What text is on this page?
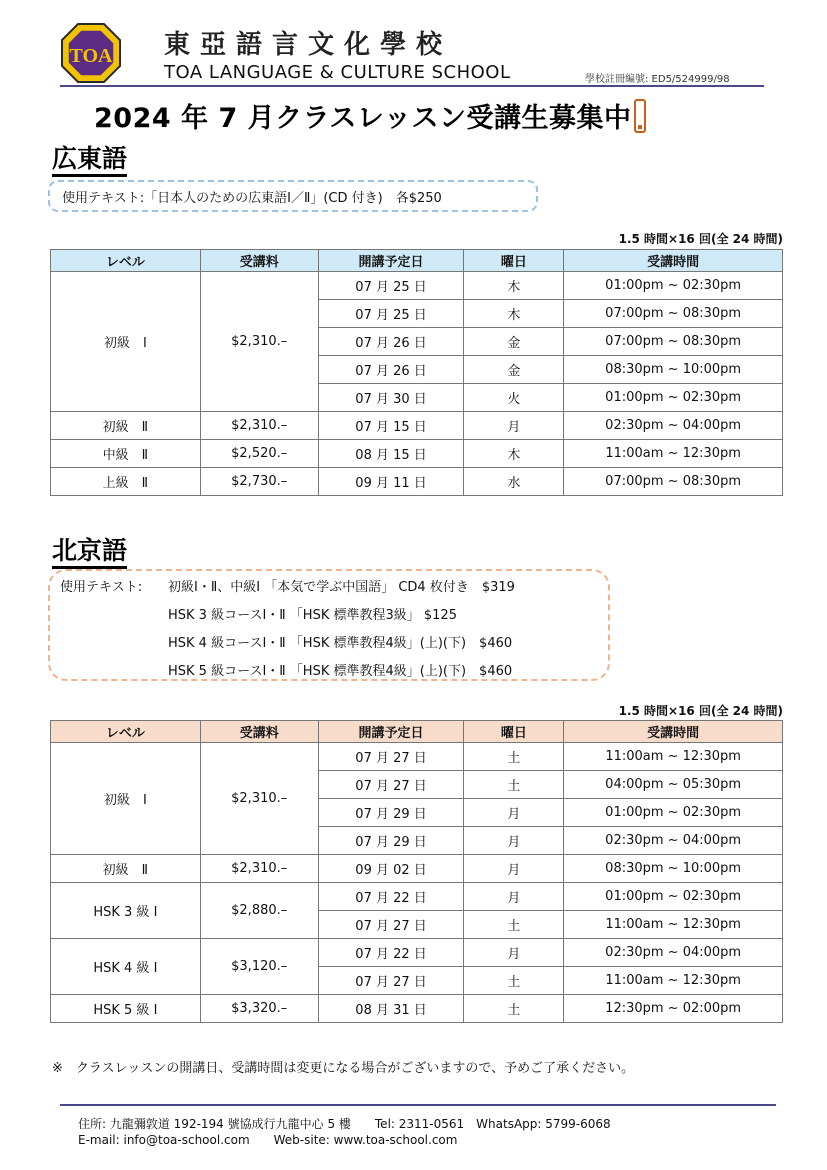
TOA 東亞語言文化學校
TOA LANGUAGE & CULTURE SCHOOL	學校註冊編號: ED5/524999/98
2024 年 7 月クラスレッスン受講生募集中
広東語
使用テキスト:「日本人のための広東語Ⅰ／Ⅱ」(CD 付き)　各$250
1.5 時間×16 回(全 24 時間)
レベル	受講料	開講予定日	曜日	受講時間
初級　Ⅰ	$2,310.–	07 月 25 日	木	01:00pm ~ 02:30pm
		07 月 25 日	木	07:00pm ~ 08:30pm
		07 月 26 日	金	07:00pm ~ 08:30pm
		07 月 26 日	金	08:30pm ~ 10:00pm
		07 月 30 日	火	01:00pm ~ 02:30pm
初級　Ⅱ	$2,310.–	07 月 15 日	月	02:30pm ~ 04:00pm
中級　Ⅱ	$2,520.–	08 月 15 日	木	11:00am ~ 12:30pm
上級　Ⅱ	$2,730.–	09 月 11 日	水	07:00pm ~ 08:30pm
北京語
使用テキスト: 初級Ⅰ・Ⅱ、中級Ⅰ 「本気で学ぶ中国語」 CD4 枚付き　$319
HSK 3 級コースⅠ・Ⅱ 「HSK 標準教程3級」 $125
HSK 4 級コースⅠ・Ⅱ 「HSK 標準教程4級」(上)(下)　$460
HSK 5 級コースⅠ・Ⅱ 「HSK 標準教程4級」(上)(下)　$460
1.5 時間×16 回(全 24 時間)
レベル	受講料	開講予定日	曜日	受講時間
初級　Ⅰ	$2,310.–	07 月 27 日	土	11:00am ~ 12:30pm
		07 月 27 日	土	04:00pm ~ 05:30pm
		07 月 29 日	月	01:00pm ~ 02:30pm
		07 月 29 日	月	02:30pm ~ 04:00pm
初級　Ⅱ	$2,310.–	09 月 02 日	月	08:30pm ~ 10:00pm
HSK 3 級 Ⅰ	$2,880.–	07 月 22 日	月	01:00pm ~ 02:30pm
		07 月 27 日	土	11:00am ~ 12:30pm
HSK 4 級 Ⅰ	$3,120.–	07 月 22 日	月	02:30pm ~ 04:00pm
		07 月 27 日	土	11:00am ~ 12:30pm
HSK 5 級 Ⅰ	$3,320.–	08 月 31 日	土	12:30pm ~ 02:00pm
※　クラスレッスンの開講日、受講時間は変更になる場合がございますので、予めご了承ください。
住所: 九龍彌敦道 192-194 號協成行九龍中心 5 樓　　Tel: 2311-0561　WhatsApp: 5799-6068
E-mail: info@toa-school.com　　Web-site: www.toa-school.com
